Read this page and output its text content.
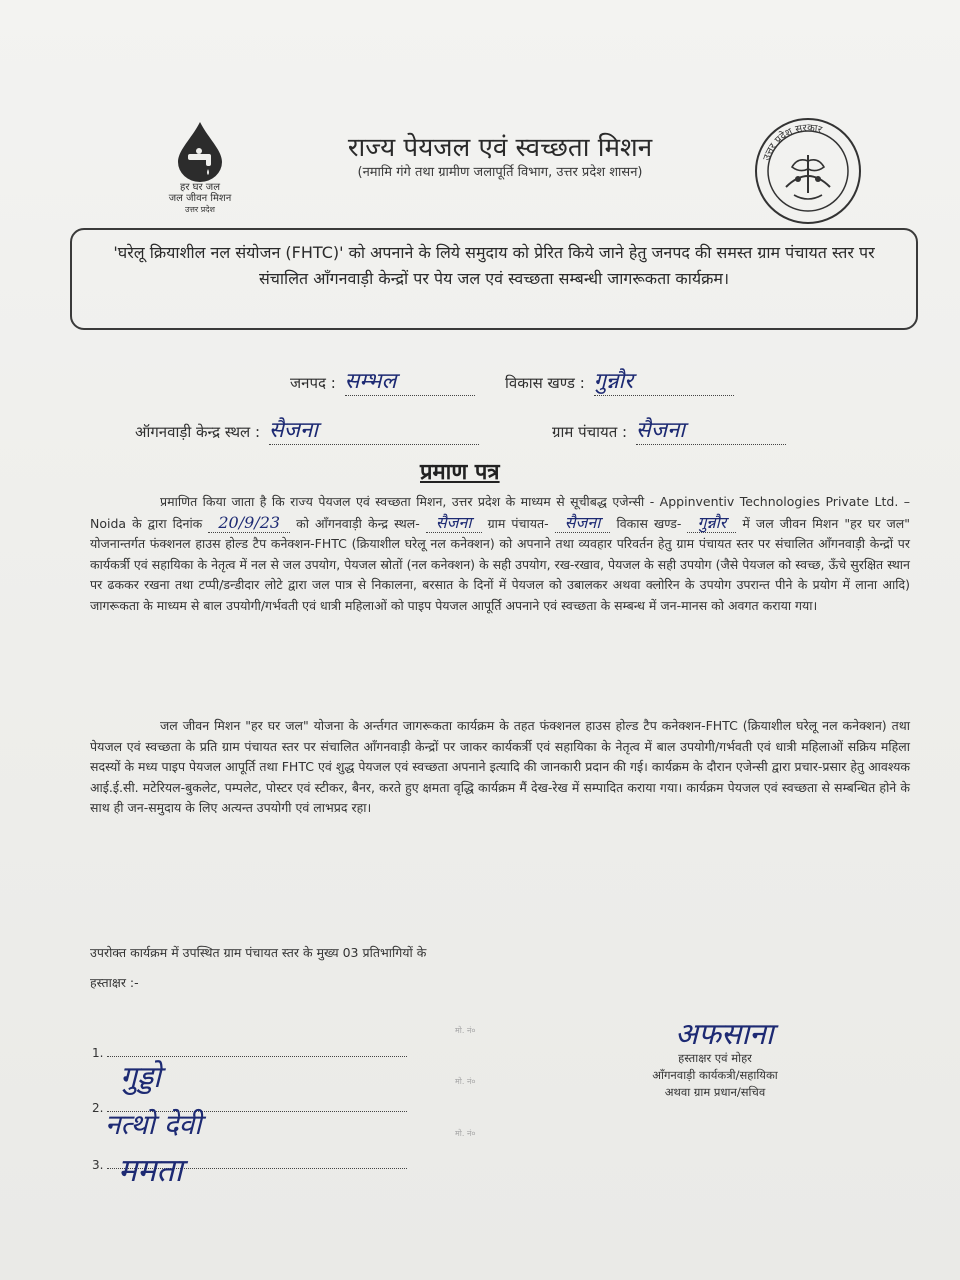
हर घर जल
जल जीवन मिशन
उत्तर प्रदेश
राज्य पेयजल एवं स्वच्छता मिशन
(नमामि गंगे तथा ग्रामीण जलापूर्ति विभाग, उत्तर प्रदेश शासन)
उत्तर प्रदेश सरकार
'घरेलू क्रियाशील नल संयोजन (FHTC)' को अपनाने के लिये समुदाय को प्रेरित किये जाने हेतु जनपद की समस्त ग्राम पंचायत स्तर पर संचालित आँगनवाड़ी केन्द्रों पर पेय जल एवं स्वच्छता सम्बन्धी जागरूकता कार्यक्रम।
जनपद : सम्भल	विकास खण्ड : गुन्नौर
ऑगनवाड़ी केन्द्र स्थल : सैजना	ग्राम पंचायत : सैजना
प्रमाण पत्र
प्रमाणित किया जाता है कि राज्य पेयजल एवं स्वच्छता मिशन, उत्तर प्रदेश के माध्यम से सूचीबद्ध एजेन्सी - Appinventiv Technologies Private Ltd. – Noida के द्वारा दिनांक 20/9/23 को आँगनवाड़ी केन्द्र स्थल- सैजना ग्राम पंचायत- सैजना विकास खण्ड- गुन्नौर में जल जीवन मिशन "हर घर जल" योजनान्तर्गत फंक्शनल हाउस होल्ड टैप कनेक्शन-FHTC (क्रियाशील घरेलू नल कनेक्शन) को अपनाने तथा व्यवहार परिवर्तन हेतु ग्राम पंचायत स्तर पर संचालित आँगनवाड़ी केन्द्रों पर कार्यकर्त्री एवं सहायिका के नेतृत्व में नल से जल उपयोग, पेयजल स्रोतों (नल कनेक्शन) के सही उपयोग, रख-रखाव, पेयजल के सही उपयोग (जैसे पेयजल को स्वच्छ, ऊँचे सुरक्षित स्थान पर ढककर रखना तथा टप्पी/डन्डीदार लोटे द्वारा जल पात्र से निकालना, बरसात के दिनों में पेयजल को उबालकर अथवा क्लोरिन के उपयोग उपरान्त पीने के प्रयोग में लाना आदि) जागरूकता के माध्यम से बाल उपयोगी/गर्भवती एवं धात्री महिलाओं को पाइप पेयजल आपूर्ति अपनाने एवं स्वच्छता के सम्बन्ध में जन-मानस को अवगत कराया गया।
जल जीवन मिशन "हर घर जल" योजना के अर्न्तगत जागरूकता कार्यक्रम के तहत फंक्शनल हाउस होल्ड टैप कनेक्शन-FHTC (क्रियाशील घरेलू नल कनेक्शन) तथा पेयजल एवं स्वच्छता के प्रति ग्राम पंचायत स्तर पर संचालित आँगनवाड़ी केन्द्रों पर जाकर कार्यकर्त्री एवं सहायिका के नेतृत्व में बाल उपयोगी/गर्भवती एवं धात्री महिलाओं सक्रिय महिला सदस्यों के मध्य पाइप पेयजल आपूर्ति तथा FHTC एवं शुद्ध पेयजल एवं स्वच्छता अपनाने इत्यादि की जानकारी प्रदान की गई। कार्यक्रम के दौरान एजेन्सी द्वारा प्रचार-प्रसार हेतु आवश्यक आई.ई.सी. मटेरियल-बुकलेट, पम्पलेट, पोस्टर एवं स्टीकर, बैनर, करते हुए क्षमता वृद्धि कार्यक्रम मैं देख-रेख में सम्पादित कराया गया। कार्यक्रम पेयजल एवं स्वच्छता से सम्बन्धित होने के साथ ही जन-समुदाय के लिए अत्यन्त उपयोगी एवं लाभप्रद रहा।
उपरोक्त कार्यक्रम में उपस्थित ग्राम पंचायत स्तर के मुख्य 03 प्रतिभागियों के
हस्ताक्षर :-
1.
गुड्डो
2. नत्थो देवी
3. ममता
मो. नं०
मो. नं०
मो. नं०
अफसाना
हस्ताक्षर एवं मोहर
आँगनवाड़ी कार्यकत्री/सहायिका
अथवा ग्राम प्रधान/सचिव
